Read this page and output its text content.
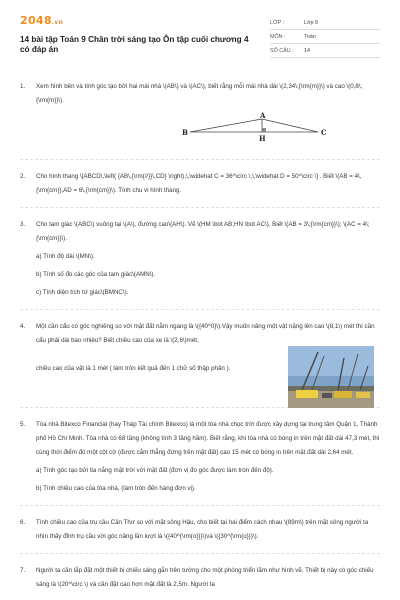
2048.vn
14 bài tập Toán 9 Chân trời sáng tạo Ôn tập cuối chương 4 có đáp án
LỚP :	Lớp 9
MÔN :	Toán
SỐ CÂU :	14
1. Xem hình bên và tính góc tạo bởi hai mái nhà \(AB\) và \(AC\), biết rằng mỗi mái nhà dài \(2,34\;{\rm{m}}\) và cao \(0,8\;{\rm{m}}\).
A
B	C
H
2. Cho hình thang \[ABCD\,\left( {AB\,{\rm{//}}\,CD} \right),\,\widehat C = 36^\circ \,\,\widehat D = 50^\circ \] . Biết \(AB = 4\,{\rm{cm}},AD = 6\,{\rm{cm}}\). Tính chu vi hình thang.
3. Cho tam giác \(ABC\) vuông tại \(A\), đường cao\(AH\). Vẽ \(HM \bot AB;HN \bot AC\). Biết \(AB = 3\;{\rm{cm}}\); \(AC = 4\;{\rm{cm}}\).
a) Tính độ dài \(MN\).
b) Tính số đo các góc của tam giác\(AMN\).
c) Tính diện tích tứ giác\(BMNC\).
4. Một cần cẩu có góc nghiêng so với mặt đất nằm ngang là \({40^0}\).Vậy muốn nâng một vật nặng lên cao \(8,1\) mét thì cần cẩu phải dài bao nhiêu? Biết chiều cao của xe là \(2,6\)mét,
chiều cao của vật là 1 mét ( làm tròn kết quả đến 1 chữ số thập phân ).
5. Tòa nhà Bitexco Financial (hay Tháp Tài chính Bitexco) là một tòa nhà chọc trời được xây dựng tại trung tâm Quận 1, Thành phố Hồ Chí Minh. Tòa nhà có 68 tầng (không tính 3 tầng hầm). Biết rằng, khi tòa nhà có bóng in trên mặt đất dài 47,3 mét, thì cùng thời điểm đó một cột cờ (được cắm thẳng đứng trên mặt đất) cao 15 mét có bóng in trên mặt đất dài 2,64 mét.
a) Tính góc tạo bởi tia nắng mặt trời với mặt đất (đơn vị đo góc được làm tròn đến độ).
b) Tính chiều cao của tòa nhà, (làm tròn đến hàng đơn vị).
6. Tính chiều cao của trụ cầu Cần Thơ so với mặt sông Hậu, cho biết tại hai điểm cách nhau \(89m\) trên mặt sông người ta nhìn thấy đỉnh trụ cầu với góc nâng lần lượt là \({40^{\rm{o}}}\)và \({30^{\rm{o}}}\).
7. Người ta cần lắp đặt một thiết bị chiếu sáng gắn trên tường cho một phòng triển lãm như hình vẽ. Thiết bị này có góc chiếu sáng là \(20^\circ \) và cần đặt cao hơn mặt đất là 2,5m. Người ta
